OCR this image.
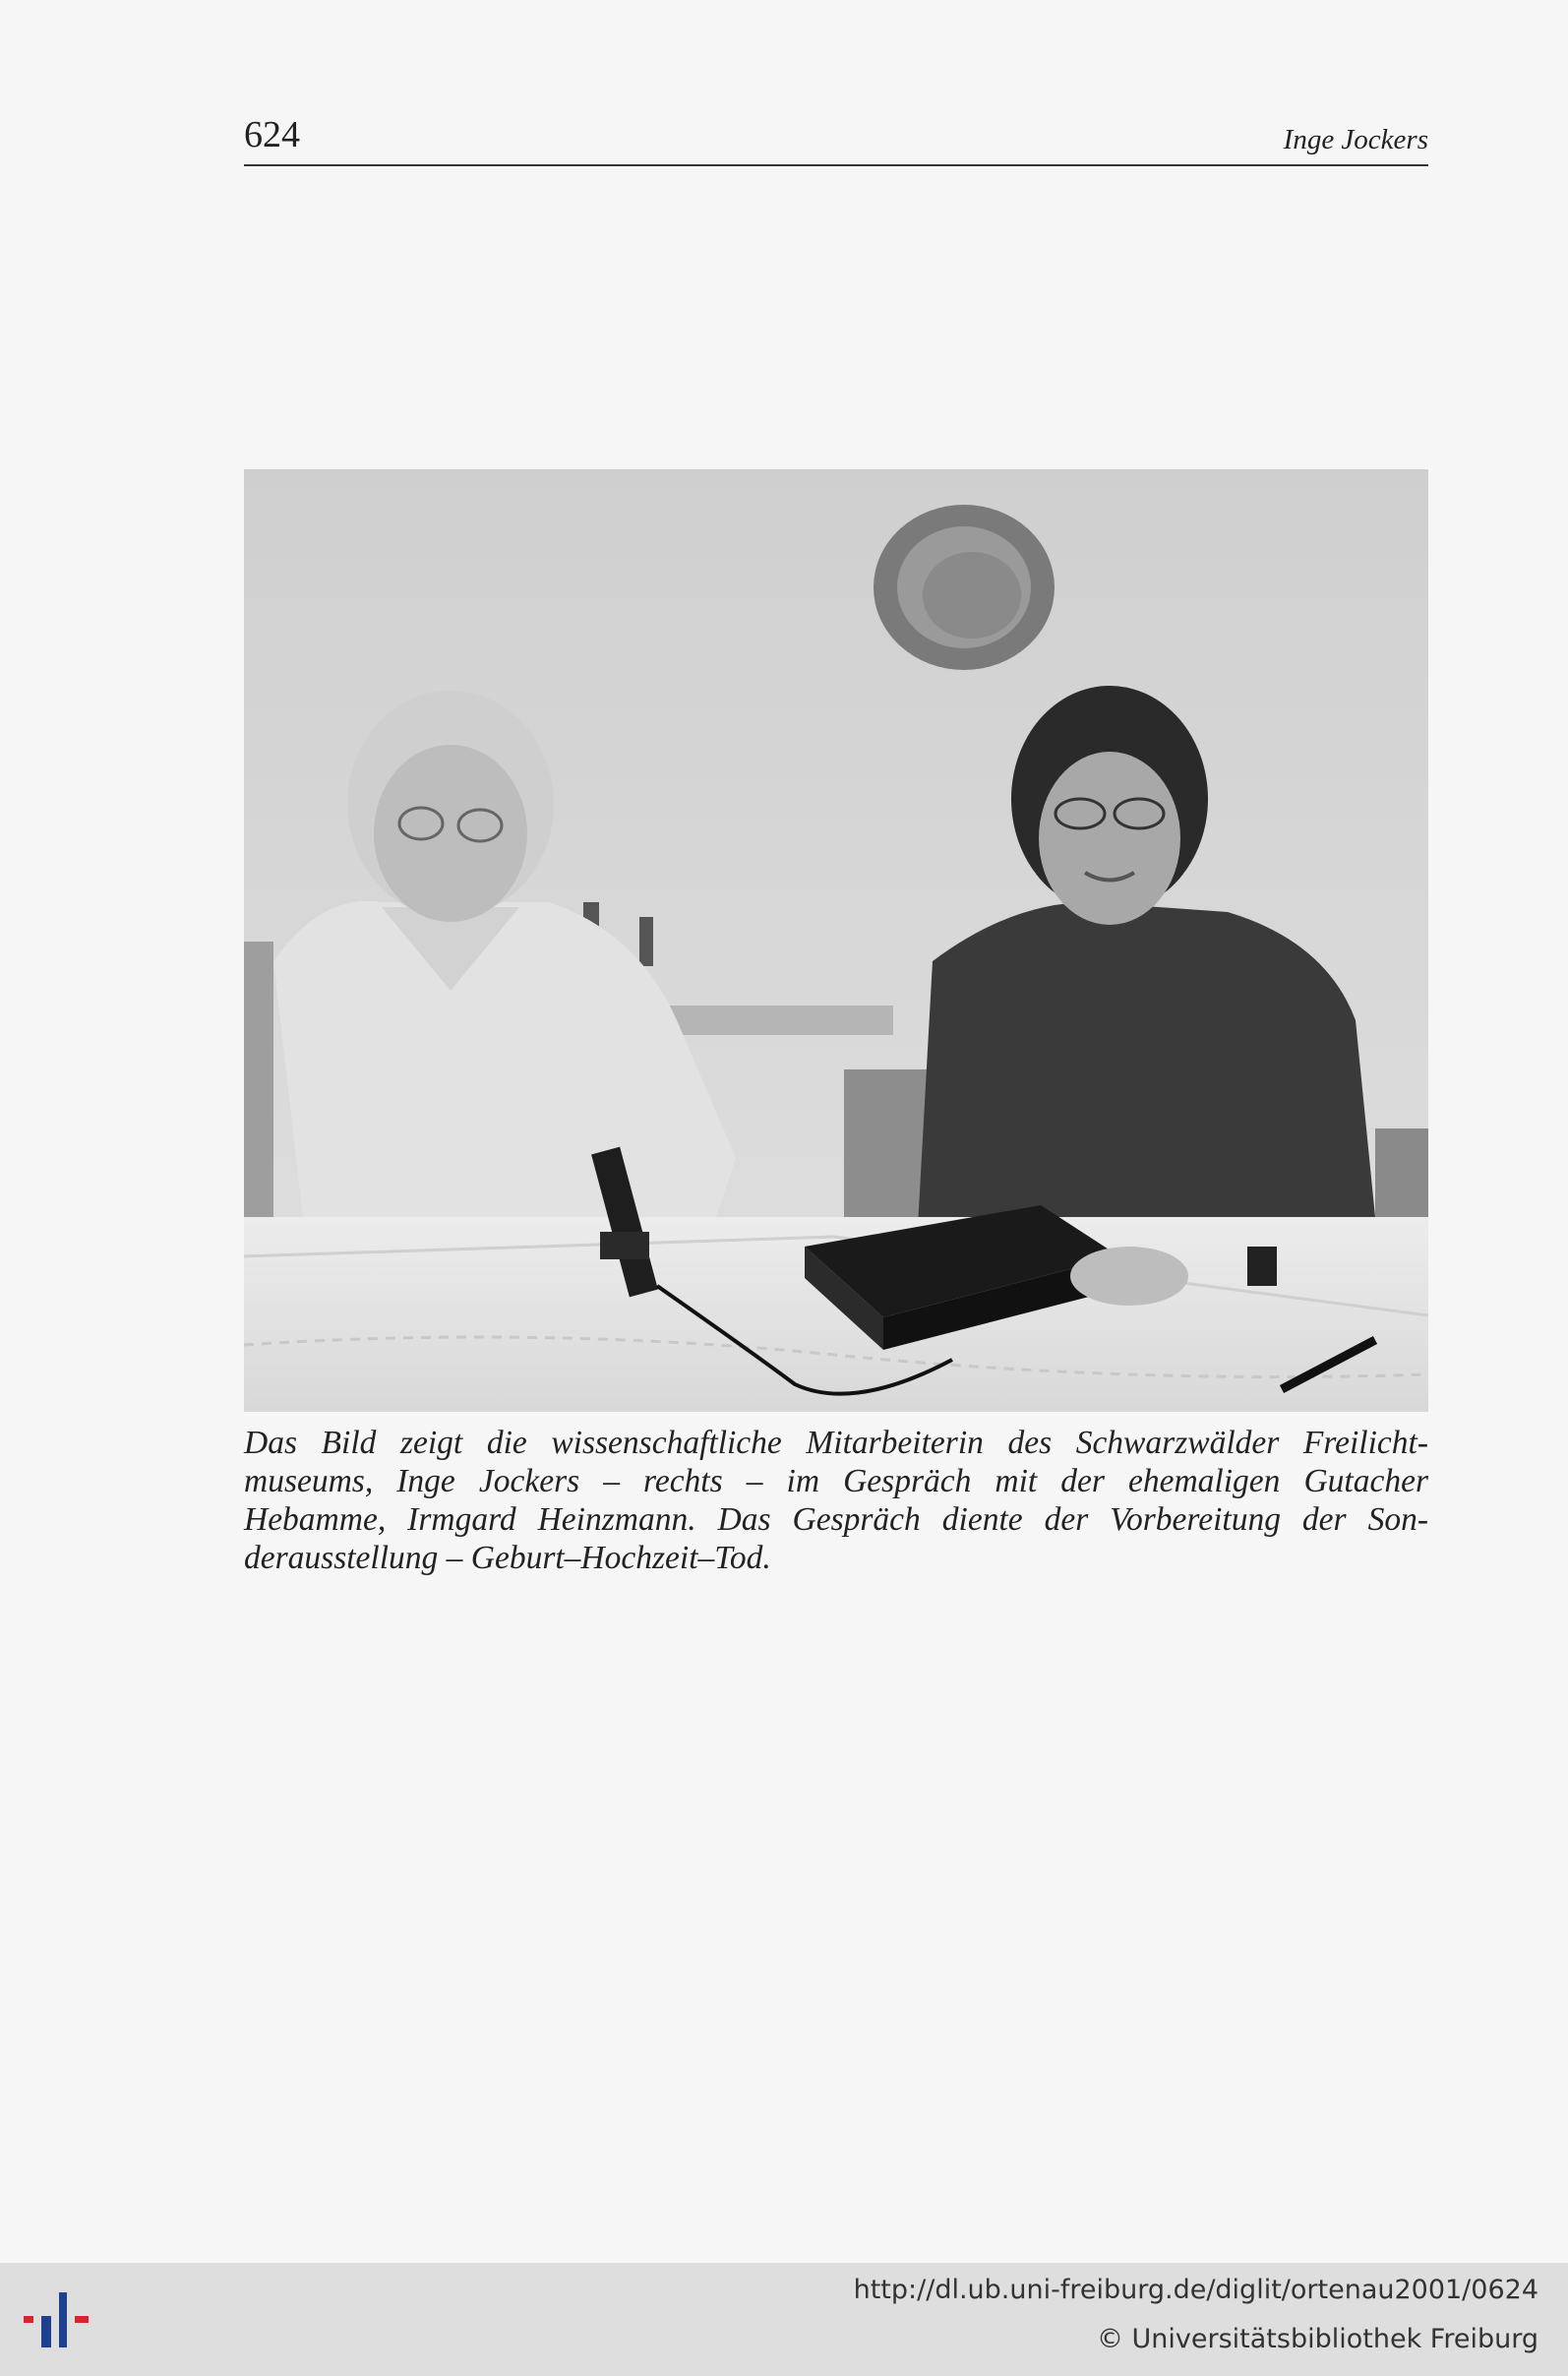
624	Inge Jockers
Das Bild zeigt die wissenschaftliche Mitarbeiterin des Schwarzwälder Freilicht-
museums, Inge Jockers – rechts – im Gespräch mit der ehemaligen Gutacher
Hebamme, Irmgard Heinzmann. Das Gespräch diente der Vorbereitung der Son-
derausstellung – Geburt–Hochzeit–Tod.
http://dl.ub.uni-freiburg.de/diglit/ortenau2001/0624
© Universitätsbibliothek Freiburg
